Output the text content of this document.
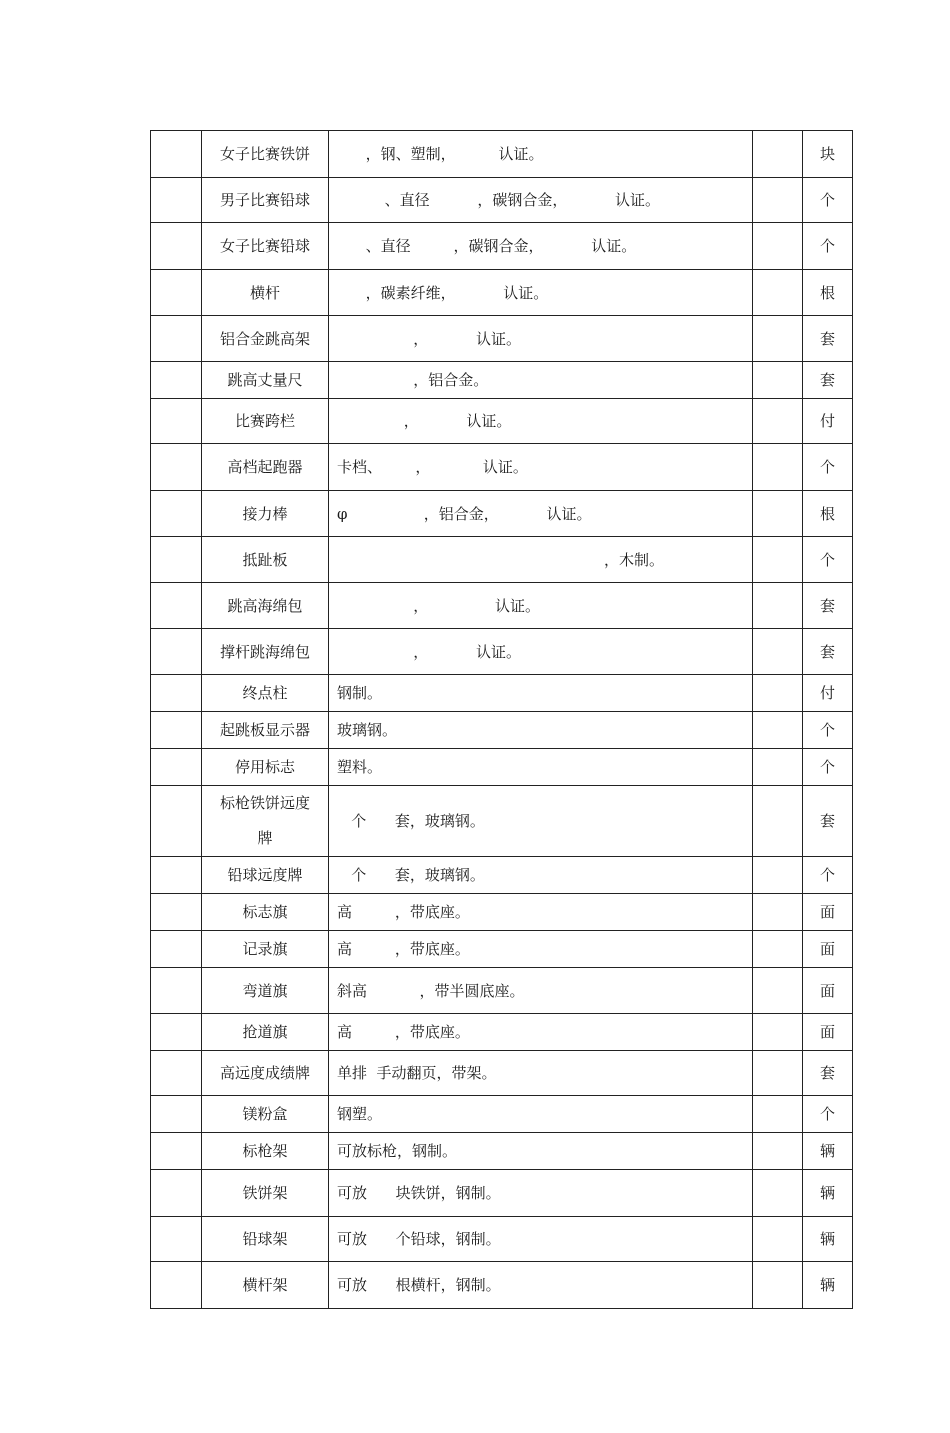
	女子比赛铁饼	，钢、塑制，         认证。		块
	男子比赛铅球	、直径          ，碳钢合金，          认证。		个
	女子比赛铅球	、直径         ，碳钢合金，          认证。		个
	横杆	，碳素纤维，          认证。		根
	铝合金跳高架	，          认证。		套
	跳高丈量尺	，铝合金。		套
	比赛跨栏	，          认证。		付
	高档起跑器	卡档、       ，           认证。		个
	接力棒	φ                ，铝合金，          认证。		根
	抵趾板	，木制。		个
	跳高海绵包	，              认证。		套
	撑杆跳海绵包	，          认证。		套
	终点柱	钢制。		付
	起跳板显示器	玻璃钢。		个
	停用标志	塑料。		个
	标枪铁饼远度
牌	个      套，玻璃钢。		套
	铅球远度牌	个      套，玻璃钢。		个
	标志旗	高         ，带底座。		面
	记录旗	高         ，带底座。		面
	弯道旗	斜高           ，带半圆底座。		面
	抢道旗	高         ，带底座。		面
	高远度成绩牌	单排  手动翻页，带架。		套
	镁粉盒	钢塑。		个
	标枪架	可放标枪，钢制。		辆
	铁饼架	可放      块铁饼，钢制。		辆
	铅球架	可放      个铅球，钢制。		辆
	横杆架	可放      根横杆，钢制。		辆
